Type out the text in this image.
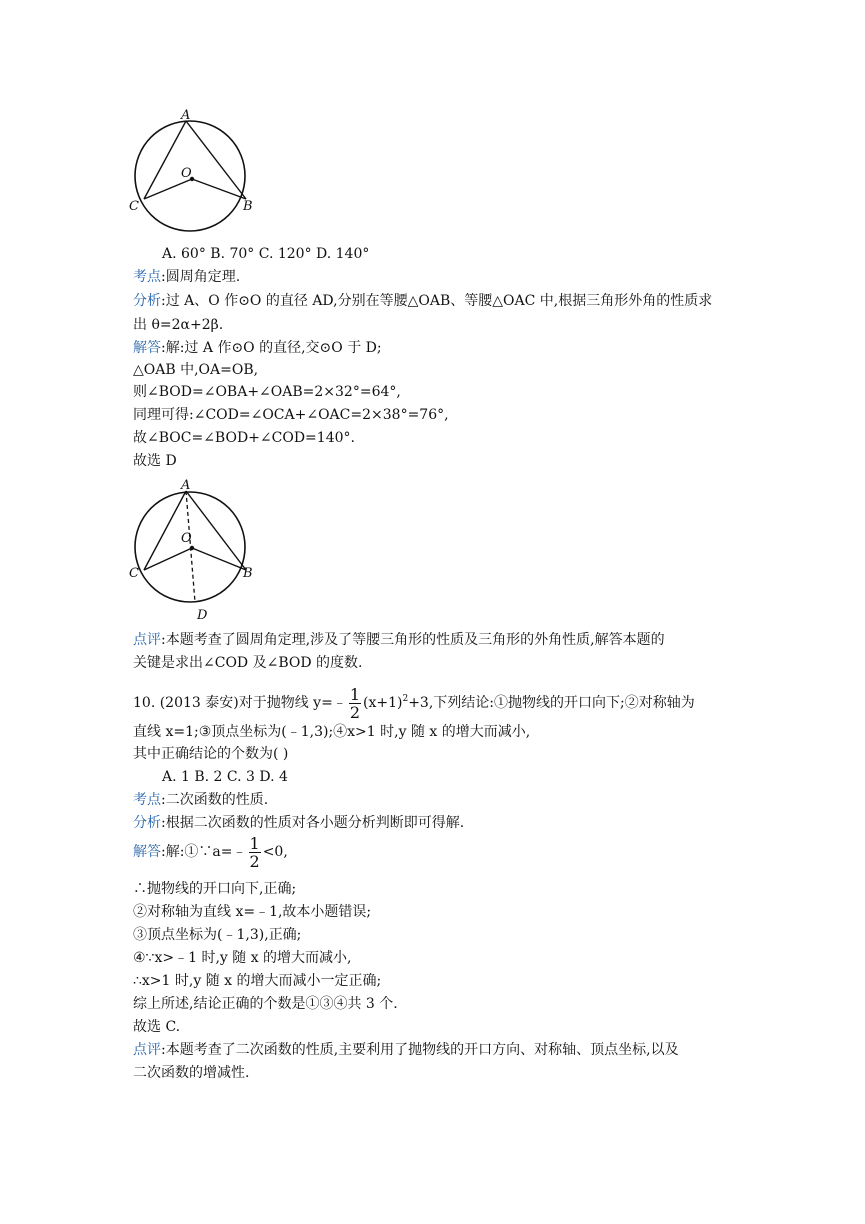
A
O
C	B
A. 60° B. 70° C. 120° D. 140°
考点:圆周角定理.
分析:过 A、O 作⊙O 的直径 AD,分别在等腰△OAB、等腰△OAC 中,根据三角形外角的性质求
出 θ=2α+2β.
解答:解:过 A 作⊙O 的直径,交⊙O 于 D;
△OAB 中,OA=OB,
则∠BOD=∠OBA+∠OAB=2×32°=64°,
同理可得:∠COD=∠OCA+∠OAC=2×38°=76°,
故∠BOC=∠BOD+∠COD=140°.
故选 D
A
O
C	B
D
点评:本题考查了圆周角定理,涉及了等腰三角形的性质及三角形的外角性质,解答本题的
关键是求出∠COD 及∠BOD 的度数.
10. (2013 泰安)对于抛物线 y=﹣ $\frac{1}{2} (x+1)^2+3$,下列结论:①抛物线的开口向下;②对称轴为
直线 x=1;③顶点坐标为(﹣1,3);④x>1 时,y 随 x 的增大而减小,
其中正确结论的个数为( )
A. 1 B. 2 C. 3 D. 4
考点:二次函数的性质.
分析:根据二次函数的性质对各小题分析判断即可得解.
解答:解:①∵a=﹣ $\frac{1}{2} <0$,
∴抛物线的开口向下,正确;
②对称轴为直线 x=﹣1,故本小题错误;
③顶点坐标为(﹣1,3),正确;
④∵x>﹣1 时,y 随 x 的增大而减小,
∴x>1 时,y 随 x 的增大而减小一定正确;
综上所述,结论正确的个数是①③④共 3 个.
故选 C.
点评:本题考查了二次函数的性质,主要利用了抛物线的开口方向、对称轴、顶点坐标,以及
二次函数的增减性.
